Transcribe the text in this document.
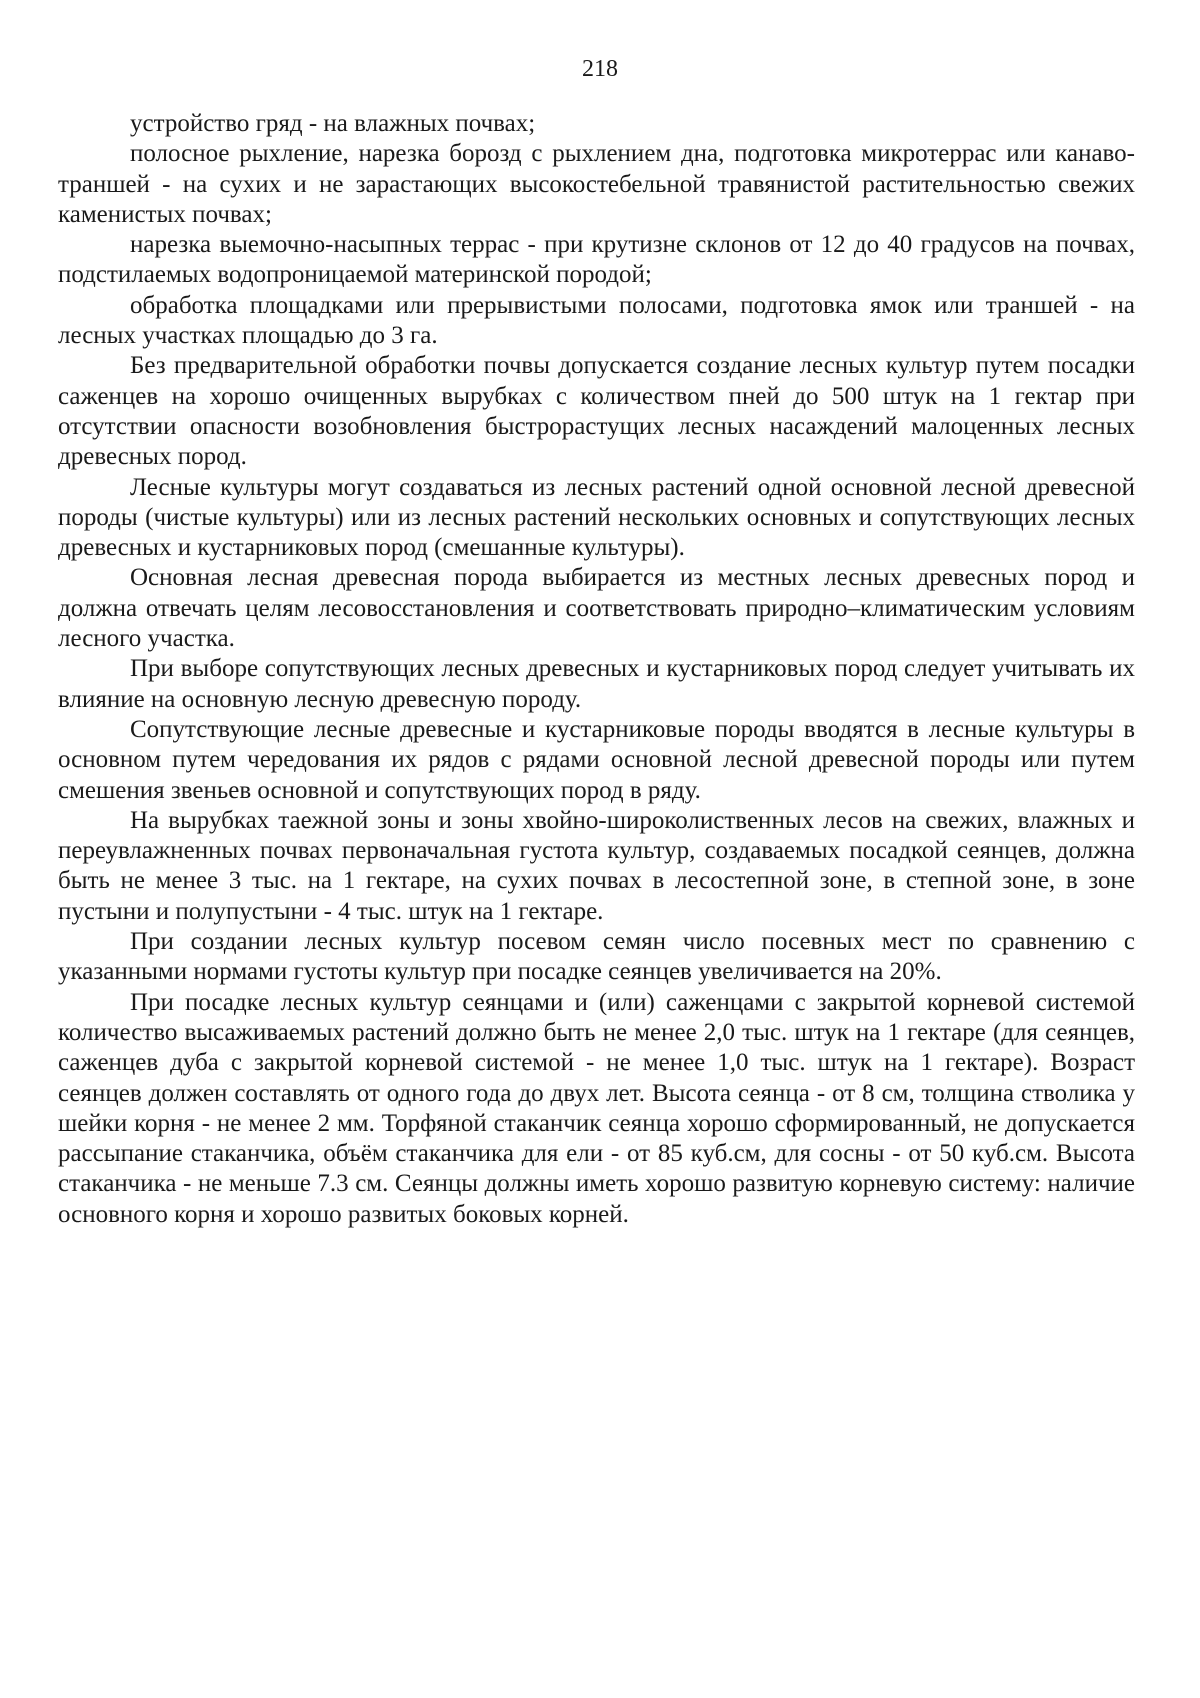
218

устройство гряд - на влажных почвах;

полосное рыхление, нарезка борозд с рыхлением дна, подготовка микротеррас или канаво-траншей - на сухих и не зарастающих высокостебельной травянистой растительностью свежих каменистых почвах;

нарезка выемочно-насыпных террас - при крутизне склонов от 12 до 40 градусов на почвах, подстилаемых водопроницаемой материнской породой;

обработка площадками или прерывистыми полосами, подготовка ямок или траншей - на лесных участках площадью до 3 га.

Без предварительной обработки почвы допускается создание лесных культур путем посадки саженцев на хорошо очищенных вырубках с количеством пней до 500 штук на 1 гектар при отсутствии опасности возобновления быстрорастущих лесных насаждений малоценных лесных древесных пород.

Лесные культуры могут создаваться из лесных растений одной основной лесной древесной породы (чистые культуры) или из лесных растений нескольких основных и сопутствующих лесных древесных и кустарниковых пород (смешанные культуры).

Основная лесная древесная порода выбирается из местных лесных древесных пород и должна отвечать целям лесовосстановления и соответствовать природно–климатическим условиям лесного участка.

При выборе сопутствующих лесных древесных и кустарниковых пород следует учитывать их влияние на основную лесную древесную породу.

Сопутствующие лесные древесные и кустарниковые породы вводятся в лесные культуры в основном путем чередования их рядов с рядами основной лесной древесной породы или путем смешения звеньев основной и сопутствующих пород в ряду.

На вырубках таежной зоны и зоны хвойно-широколиственных лесов на свежих, влажных и переувлажненных почвах первоначальная густота культур, создаваемых посадкой сеянцев, должна быть не менее 3 тыс. на 1 гектаре, на сухих почвах в лесостепной зоне, в степной зоне, в зоне пустыни и полупустыни - 4 тыс. штук на 1 гектаре.

При создании лесных культур посевом семян число посевных мест по сравнению с указанными нормами густоты культур при посадке сеянцев увеличивается на 20%.

При посадке лесных культур сеянцами и (или) саженцами с закрытой корневой системой количество высаживаемых растений должно быть не менее 2,0 тыс. штук на 1 гектаре (для сеянцев, саженцев дуба с закрытой корневой системой - не менее 1,0 тыс. штук на 1 гектаре). Возраст сеянцев должен составлять от одного года до двух лет. Высота сеянца - от 8 см, толщина стволика у шейки корня - не менее 2 мм. Торфяной стаканчик сеянца хорошо сформированный, не допускается рассыпание стаканчика, объём стаканчика для ели - от 85 куб.см, для сосны - от 50 куб.см. Высота стаканчика - не меньше 7.3 см. Сеянцы должны иметь хорошо развитую корневую систему: наличие основного корня и хорошо развитых боковых корней.
